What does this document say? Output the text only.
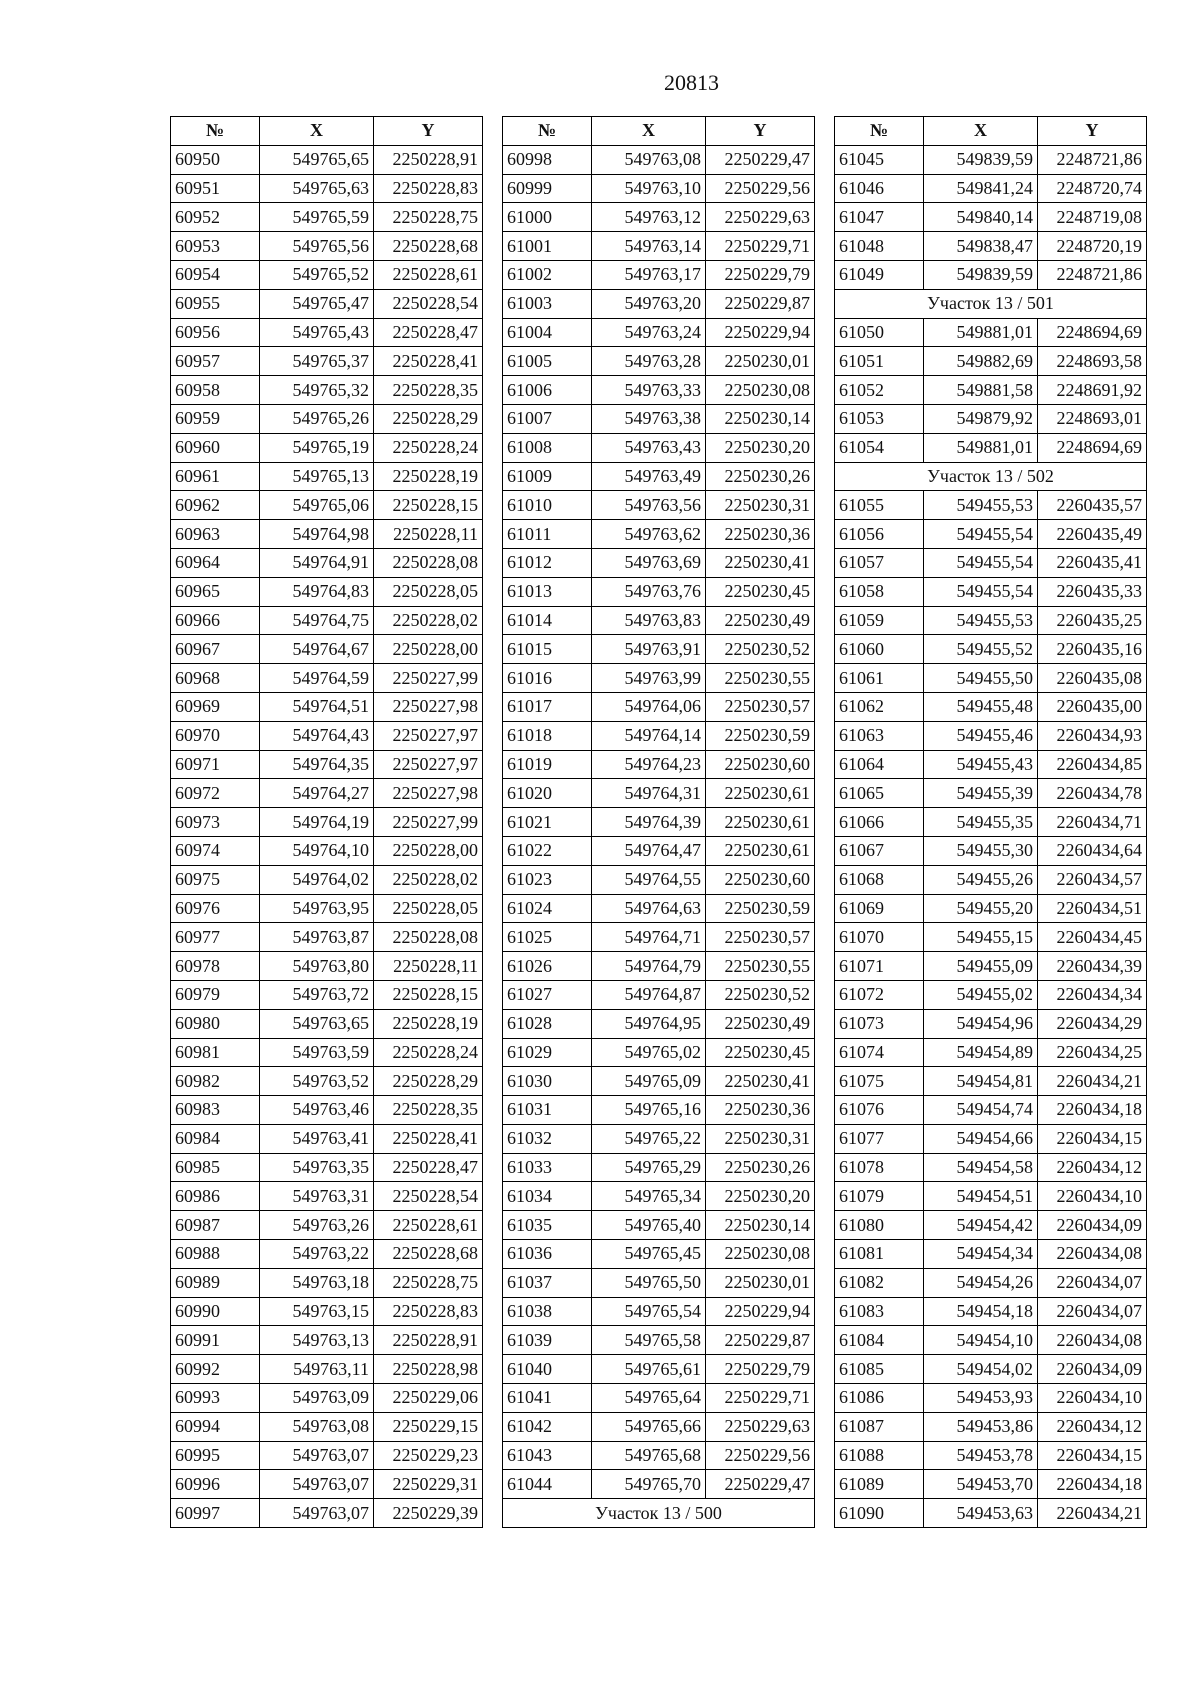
20813
№	X	Y
60950	549765,65	2250228,91
60951	549765,63	2250228,83
60952	549765,59	2250228,75
60953	549765,56	2250228,68
60954	549765,52	2250228,61
60955	549765,47	2250228,54
60956	549765,43	2250228,47
60957	549765,37	2250228,41
60958	549765,32	2250228,35
60959	549765,26	2250228,29
60960	549765,19	2250228,24
60961	549765,13	2250228,19
60962	549765,06	2250228,15
60963	549764,98	2250228,11
60964	549764,91	2250228,08
60965	549764,83	2250228,05
60966	549764,75	2250228,02
60967	549764,67	2250228,00
60968	549764,59	2250227,99
60969	549764,51	2250227,98
60970	549764,43	2250227,97
60971	549764,35	2250227,97
60972	549764,27	2250227,98
60973	549764,19	2250227,99
60974	549764,10	2250228,00
60975	549764,02	2250228,02
60976	549763,95	2250228,05
60977	549763,87	2250228,08
60978	549763,80	2250228,11
60979	549763,72	2250228,15
60980	549763,65	2250228,19
60981	549763,59	2250228,24
60982	549763,52	2250228,29
60983	549763,46	2250228,35
60984	549763,41	2250228,41
60985	549763,35	2250228,47
60986	549763,31	2250228,54
60987	549763,26	2250228,61
60988	549763,22	2250228,68
60989	549763,18	2250228,75
60990	549763,15	2250228,83
60991	549763,13	2250228,91
60992	549763,11	2250228,98
60993	549763,09	2250229,06
60994	549763,08	2250229,15
60995	549763,07	2250229,23
60996	549763,07	2250229,31
60997	549763,07	2250229,39
№	X	Y
60998	549763,08	2250229,47
60999	549763,10	2250229,56
61000	549763,12	2250229,63
61001	549763,14	2250229,71
61002	549763,17	2250229,79
61003	549763,20	2250229,87
61004	549763,24	2250229,94
61005	549763,28	2250230,01
61006	549763,33	2250230,08
61007	549763,38	2250230,14
61008	549763,43	2250230,20
61009	549763,49	2250230,26
61010	549763,56	2250230,31
61011	549763,62	2250230,36
61012	549763,69	2250230,41
61013	549763,76	2250230,45
61014	549763,83	2250230,49
61015	549763,91	2250230,52
61016	549763,99	2250230,55
61017	549764,06	2250230,57
61018	549764,14	2250230,59
61019	549764,23	2250230,60
61020	549764,31	2250230,61
61021	549764,39	2250230,61
61022	549764,47	2250230,61
61023	549764,55	2250230,60
61024	549764,63	2250230,59
61025	549764,71	2250230,57
61026	549764,79	2250230,55
61027	549764,87	2250230,52
61028	549764,95	2250230,49
61029	549765,02	2250230,45
61030	549765,09	2250230,41
61031	549765,16	2250230,36
61032	549765,22	2250230,31
61033	549765,29	2250230,26
61034	549765,34	2250230,20
61035	549765,40	2250230,14
61036	549765,45	2250230,08
61037	549765,50	2250230,01
61038	549765,54	2250229,94
61039	549765,58	2250229,87
61040	549765,61	2250229,79
61041	549765,64	2250229,71
61042	549765,66	2250229,63
61043	549765,68	2250229,56
61044	549765,70	2250229,47
Участок 13 / 500		
№	X	Y
61045	549839,59	2248721,86
61046	549841,24	2248720,74
61047	549840,14	2248719,08
61048	549838,47	2248720,19
61049	549839,59	2248721,86
Участок 13 / 501		
61050	549881,01	2248694,69
61051	549882,69	2248693,58
61052	549881,58	2248691,92
61053	549879,92	2248693,01
61054	549881,01	2248694,69
Участок 13 / 502		
61055	549455,53	2260435,57
61056	549455,54	2260435,49
61057	549455,54	2260435,41
61058	549455,54	2260435,33
61059	549455,53	2260435,25
61060	549455,52	2260435,16
61061	549455,50	2260435,08
61062	549455,48	2260435,00
61063	549455,46	2260434,93
61064	549455,43	2260434,85
61065	549455,39	2260434,78
61066	549455,35	2260434,71
61067	549455,30	2260434,64
61068	549455,26	2260434,57
61069	549455,20	2260434,51
61070	549455,15	2260434,45
61071	549455,09	2260434,39
61072	549455,02	2260434,34
61073	549454,96	2260434,29
61074	549454,89	2260434,25
61075	549454,81	2260434,21
61076	549454,74	2260434,18
61077	549454,66	2260434,15
61078	549454,58	2260434,12
61079	549454,51	2260434,10
61080	549454,42	2260434,09
61081	549454,34	2260434,08
61082	549454,26	2260434,07
61083	549454,18	2260434,07
61084	549454,10	2260434,08
61085	549454,02	2260434,09
61086	549453,93	2260434,10
61087	549453,86	2260434,12
61088	549453,78	2260434,15
61089	549453,70	2260434,18
61090	549453,63	2260434,21
